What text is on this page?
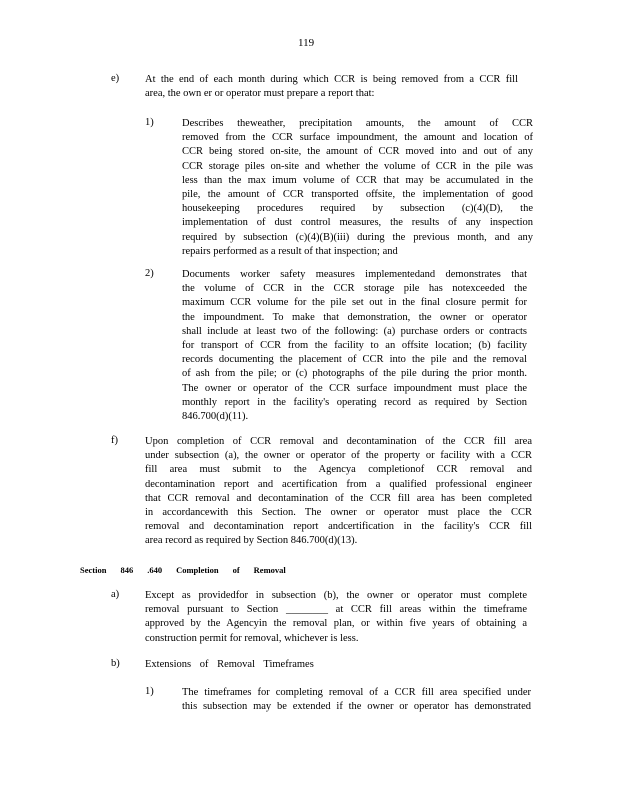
119
e) At the end of each month during which CCR is being removed from a CCR fill
area, the own er or operator must prepare a report that:
1)	Describes theweather, precipitation amounts, the amount of CCR
removed from the CCR surface impoundment, the amount and location of
CCR being stored on-site, the amount of CCR moved into and out of any
CCR storage piles on-site and whether the volume of CCR in the pile was
less than the max imum volume of CCR that may be accumulated in the
pile, the amount of CCR transported offsite, the implementation of good
housekeeping procedures required by subsection (c)(4)(D), the
implementation of dust control measures, the results of any inspection
required by subsection (c)(4)(B)(iii) during the previous month, and any
repairs performed as a result of that inspection; and
2)	Documents worker safety measures implementedand demonstrates that
the volume of CCR in the CCR storage pile has notexceeded the
maximum CCR volume for the pile set out in the final closure permit for
the impoundment. To make that demonstration, the owner or operator
shall include at least two of the following: (a) purchase orders or contracts
for transport of CCR from the facility to an offsite location; (b) facility
records documenting the placement of CCR into the pile and the removal
of ash from the pile; or (c) photographs of the pile during the prior month.
The owner or operator of the CCR surface impoundment must place the
monthly report in the facility's operating record as required by Section
846.700(d)(11).
f)	Upon completion of CCR removal and decontamination of the CCR fill area
under subsection (a), the owner or operator of the property or facility with a CCR
fill area must submit to the Agencya completionof CCR removal and
decontamination report and acertification from a qualified professional engineer
that CCR removal and decontamination of the CCR fill area has been completed
in accordancewith this Section. The owner or operator must place the CCR
removal and decontamination report andcertification in the facility's CCR fill
area record as required by Section 846.700(d)(13).
Section 846 .640 Completion of Removal
a) Except as providedfor in subsection (b), the owner or operator must complete
removal pursuant to Section ________ at CCR fill areas within the timeframe
approved by the Agencyin the removal plan, or within five years of obtaining a
construction permit for removal, whichever is less.
b) Extensions of Removal Timeframes
1)	The timeframes for completing removal of a CCR fill area specified under
this subsection may be extended if the owner or operator has demonstrated
